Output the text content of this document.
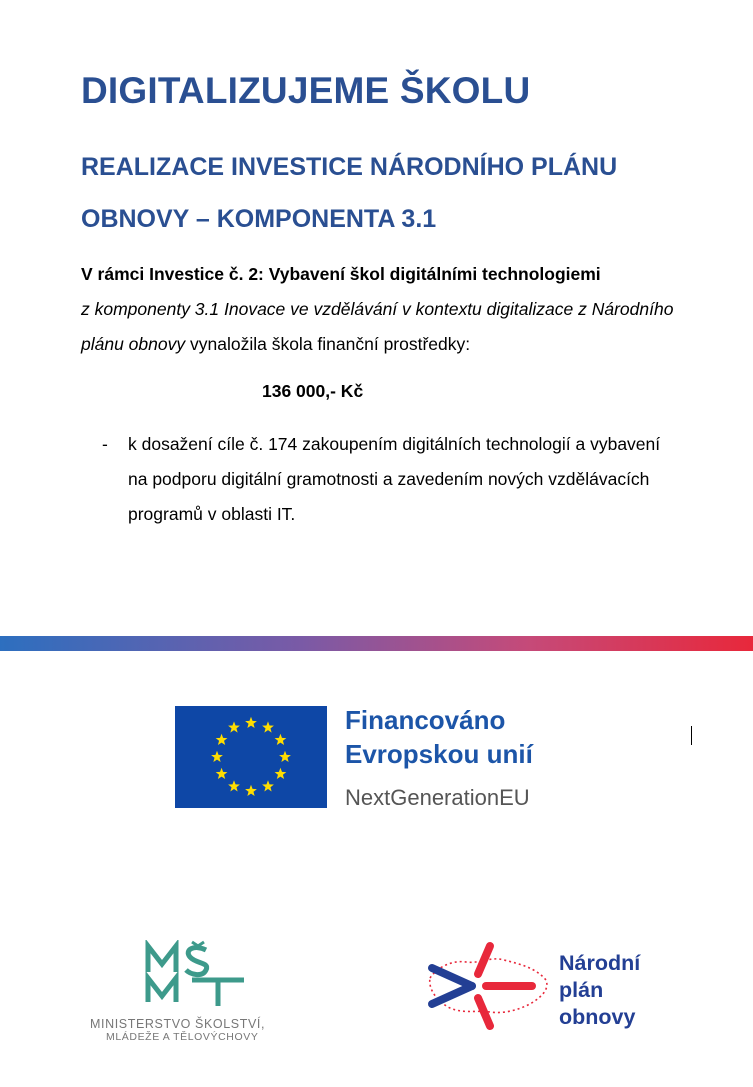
DIGITALIZUJEME ŠKOLU
REALIZACE INVESTICE NÁRODNÍHO PLÁNU OBNOVY – KOMPONENTA 3.1

V rámci Investice č. 2: Vybavení škol digitálními technologiemi
z komponenty 3.1 Inovace ve vzdělávání v kontextu digitalizace z Národního plánu obnovy vynaložila škola finanční prostředky:

136 000,- Kč
- k dosažení cíle č. 174 zakoupením digitálních technologií a vybavení na podporu digitální gramotnosti a zavedením nových vzdělávacích programů v oblasti IT.
Financováno
Evropskou unií
NextGenerationEU
MINISTERSTVO ŠKOLSTVÍ,
MLÁDEŽE A TĚLOVÝCHOVY
Národní
plán
obnovy
